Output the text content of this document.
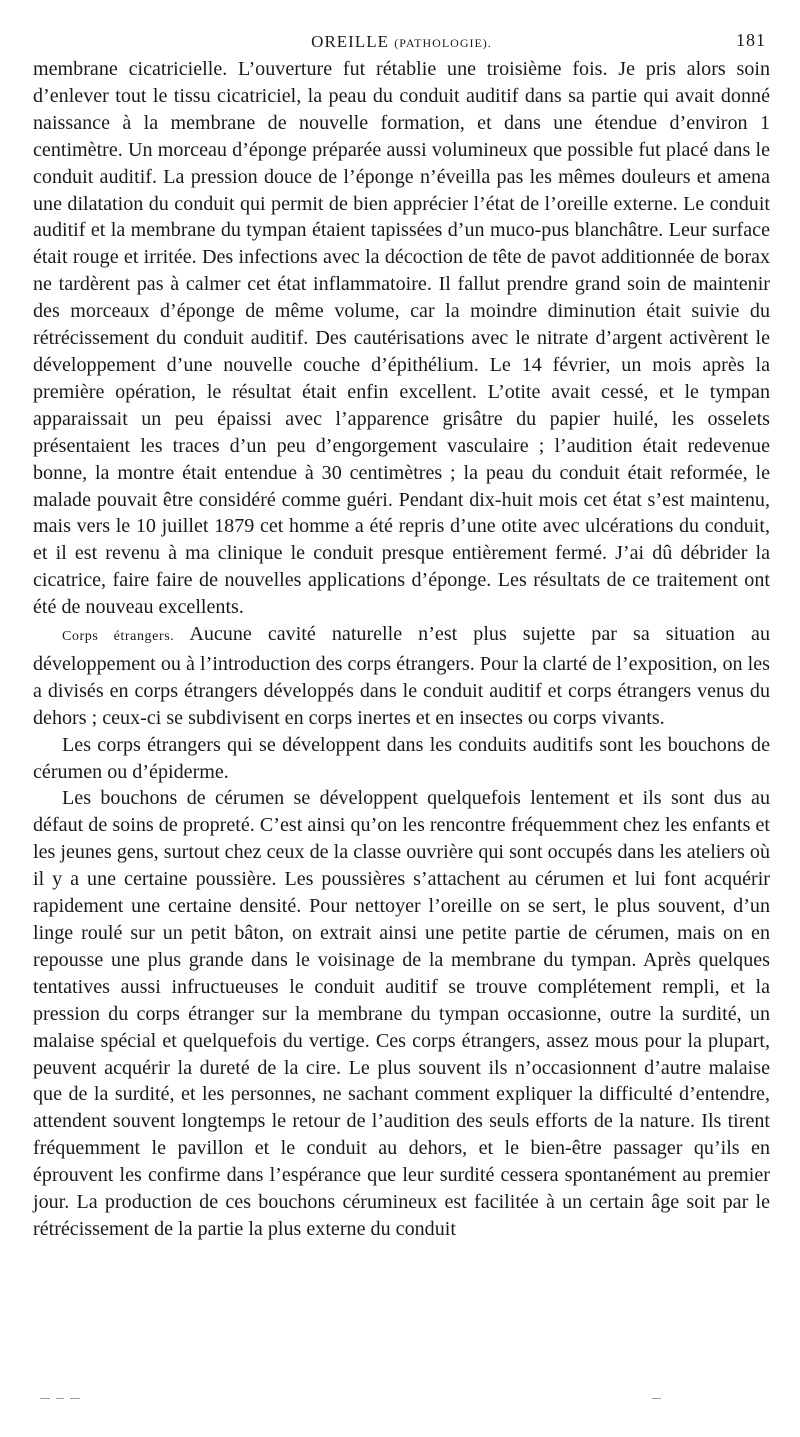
OREILLE (PATHOLOGIE).	181

membrane cicatricielle. L’ouverture fut rétablie une troisième fois. Je pris alors soin d’enlever tout le tissu cicatriciel, la peau du conduit auditif dans sa partie qui avait donné naissance à la membrane de nouvelle formation, et dans une étendue d’environ 1 centimètre. Un morceau d’éponge préparée aussi volumineux que possible fut placé dans le conduit auditif. La pression douce de l’éponge n’éveilla pas les mêmes douleurs et amena une dilatation du conduit qui permit de bien apprécier l’état de l’oreille externe. Le conduit auditif et la membrane du tympan étaient tapissées d’un muco-pus blanchâtre. Leur surface était rouge et irritée. Des infections avec la décoction de tête de pavot additionnée de borax ne tardèrent pas à calmer cet état inflammatoire. Il fallut prendre grand soin de maintenir des morceaux d’éponge de même volume, car la moindre diminution était suivie du rétrécissement du conduit auditif. Des cautérisations avec le nitrate d’argent activèrent le développement d’une nouvelle couche d’épithélium. Le 14 février, un mois après la première opération, le résultat était enfin excellent. L’otite avait cessé, et le tympan apparaissait un peu épaissi avec l’apparence grisâtre du papier huilé, les osselets présentaient les traces d’un peu d’engorgement vasculaire ; l’audition était redevenue bonne, la montre était entendue à 30 centimètres ; la peau du conduit était reformée, le malade pouvait être considéré comme guéri. Pendant dix-huit mois cet état s’est maintenu, mais vers le 10 juillet 1879 cet homme a été repris d’une otite avec ulcérations du conduit, et il est revenu à ma clinique le conduit presque entièrement fermé. J’ai dû débrider la cicatrice, faire faire de nouvelles applications d’éponge. Les résultats de ce traitement ont été de nouveau excellents.

Corps étrangers. Aucune cavité naturelle n’est plus sujette par sa situation au développement ou à l’introduction des corps étrangers. Pour la clarté de l’exposition, on les a divisés en corps étrangers développés dans le conduit auditif et corps étrangers venus du dehors ; ceux-ci se subdivisent en corps inertes et en insectes ou corps vivants.

Les corps étrangers qui se développent dans les conduits auditifs sont les bouchons de cérumen ou d’épiderme.

Les bouchons de cérumen se développent quelquefois lentement et ils sont dus au défaut de soins de propreté. C’est ainsi qu’on les rencontre fréquemment chez les enfants et les jeunes gens, surtout chez ceux de la classe ouvrière qui sont occupés dans les ateliers où il y a une certaine poussière. Les poussières s’attachent au cérumen et lui font acquérir rapidement une certaine densité. Pour nettoyer l’oreille on se sert, le plus souvent, d’un linge roulé sur un petit bâton, on extrait ainsi une petite partie de cérumen, mais on en repousse une plus grande dans le voisinage de la membrane du tympan. Après quelques tentatives aussi infructueuses le conduit auditif se trouve complétement rempli, et la pression du corps étranger sur la membrane du tympan occasionne, outre la surdité, un malaise spécial et quelquefois du vertige. Ces corps étrangers, assez mous pour la plupart, peuvent acquérir la dureté de la cire. Le plus souvent ils n’occasionnent d’autre malaise que de la surdité, et les personnes, ne sachant comment expliquer la difficulté d’entendre, attendent souvent longtemps le retour de l’audition des seuls efforts de la nature. Ils tirent fréquemment le pavillon et le conduit au dehors, et le bien-être passager qu’ils en éprouvent les confirme dans l’espérance que leur surdité cessera spontanément au premier jour. La production de ces bouchons cérumineux est facilitée à un certain âge soit par le rétrécissement de la partie la plus externe du conduit
